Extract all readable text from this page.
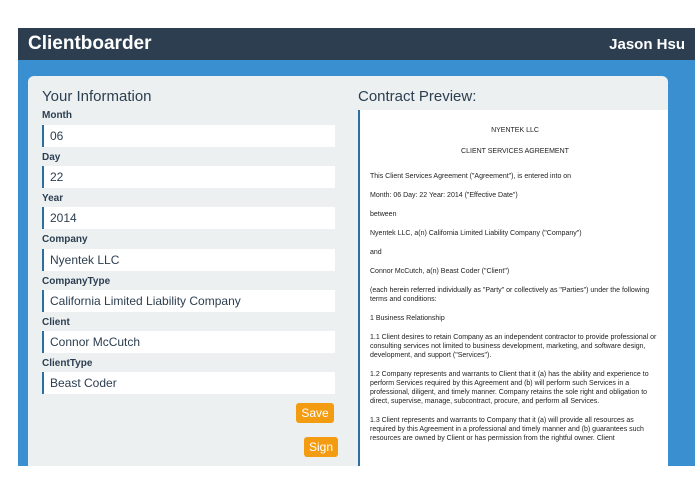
Clientboarder	Jason Hsu
Your Information
Month
06
Day
22
Year
2014
Company
Nyentek LLC
CompanyType
California Limited Liability Company
Client
Connor McCutch
ClientType
Beast Coder
Save
Sign
Contract Preview:

NYENTEK LLC

CLIENT SERVICES AGREEMENT

This Client Services Agreement ("Agreement"), is entered into on

Month: 06 Day: 22 Year: 2014 ("Effective Date")

between

Nyentek LLC, a(n) California Limited Liability Company ("Company")

and

Connor McCutch, a(n) Beast Coder ("Client")

(each herein referred individually as "Party" or collectively as "Parties") under the following terms and conditions:

1 Business Relationship

1.1 Client desires to retain Company as an independent contractor to provide professional or consulting services not limited to business development, marketing, and software design, development, and support ("Services").

1.2 Company represents and warrants to Client that it (a) has the ability and experience to perform Services required by this Agreement and (b) will perform such Services in a professional, diligent, and timely manner. Company retains the sole right and obligation to direct, supervise, manage, subcontract, procure, and perform all Services.

1.3 Client represents and warrants to Company that it (a) will provide all resources as required by this Agreement in a professional and timely manner and (b) guarantees such resources are owned by Client or has permission from the rightful owner. Client
